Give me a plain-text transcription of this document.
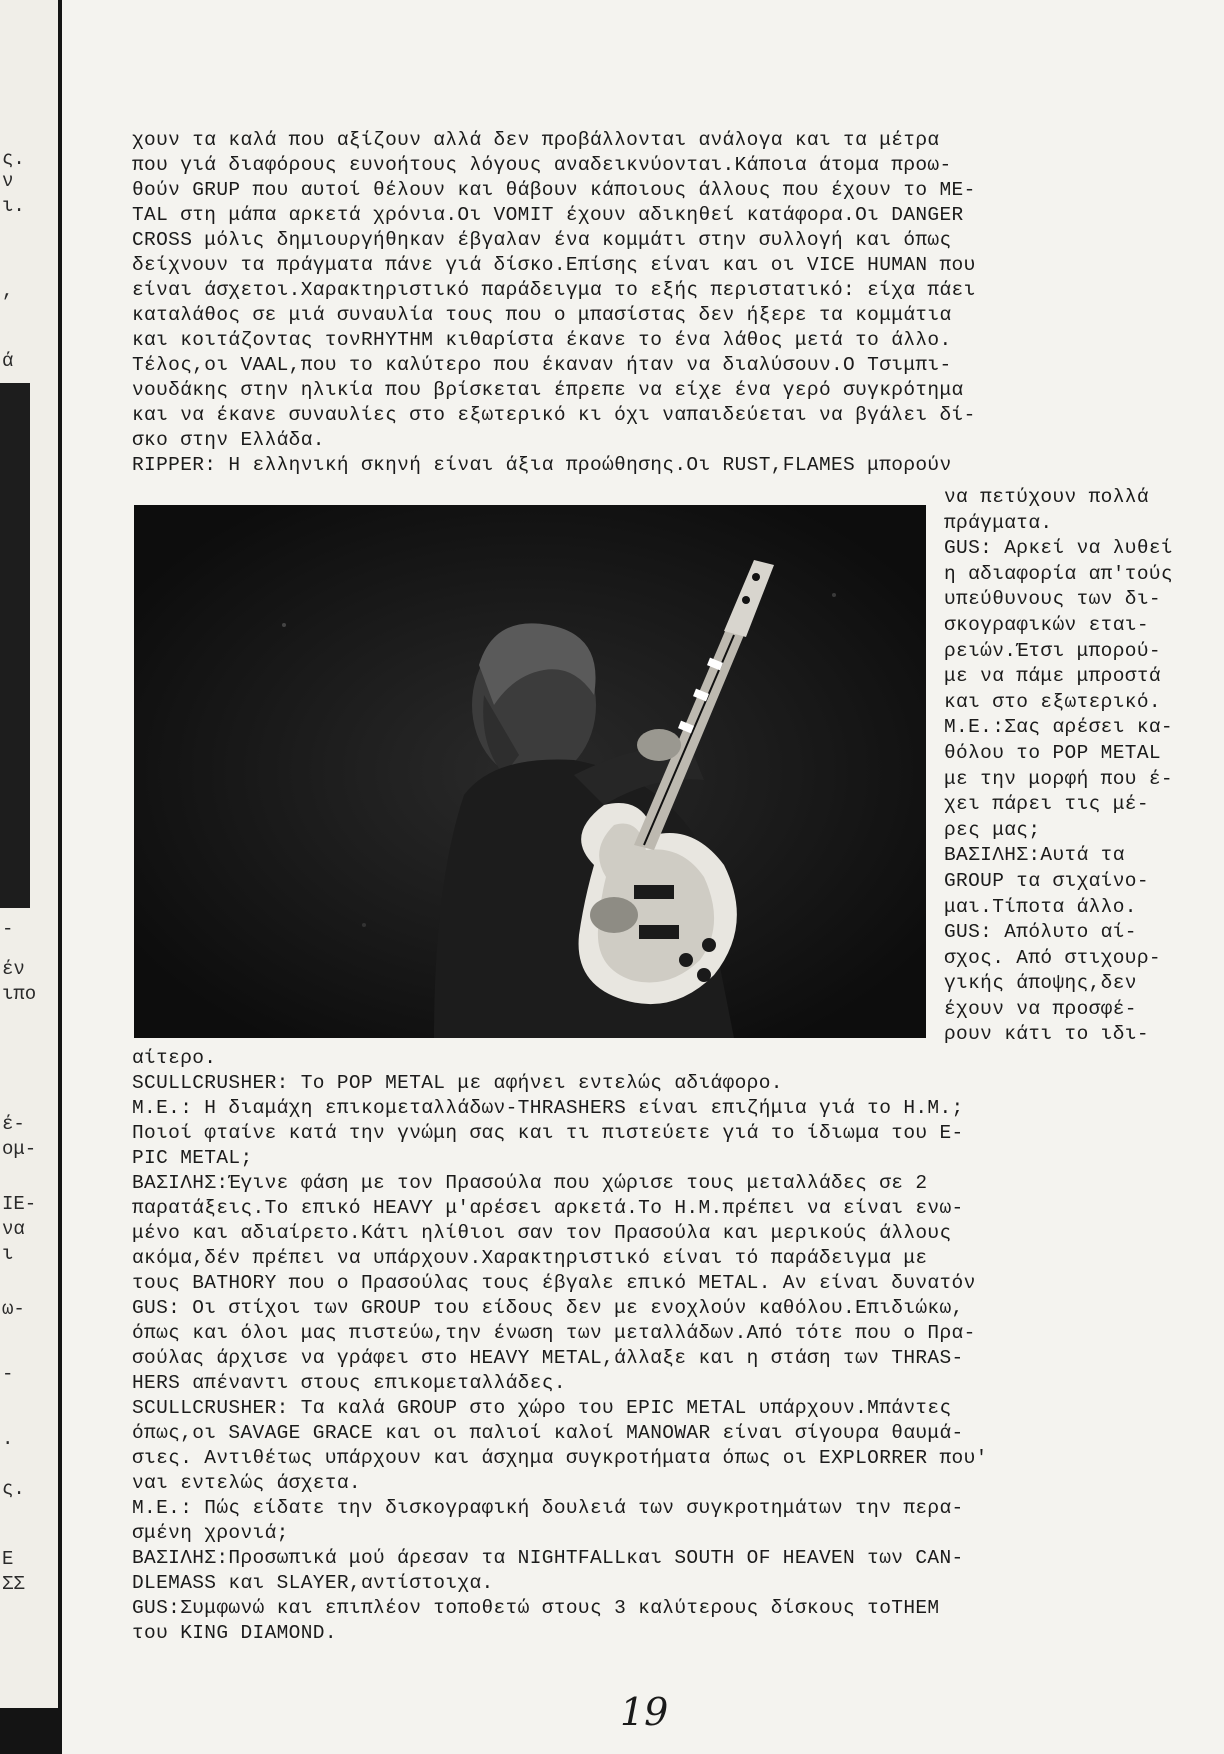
ς.
ν
ι.
,
ά
-
έν
ιπο
έ-
ομ-
ΙΕ-
να
ι
ω-
-
.
ς.
Ε
ΣΣ
χουν τα καλά που αξίζουν αλλά δεν προβάλλονται ανάλογα και τα μέτρα
που γιά διαφόρους ευνοήτους λόγους αναδεικνύονται.Κάποια άτομα προω-
θούν GRUP που αυτοί θέλουν και θάβουν κάποιους άλλους που έχουν το ME-
TAL στη μάπα αρκετά χρόνια.Οι VOMIT έχουν αδικηθεί κατάφορα.Οι DANGER
CROSS μόλις δημιουργήθηκαν έβγαλαν ένα κομμάτι στην συλλογή και όπως
δείχνουν τα πράγματα πάνε γιά δίσκο.Επίσης είναι και οι VICE HUMAN που
είναι άσχετοι.Χαρακτηριστικό παράδειγμα το εξής περιστατικό: είχα πάει
καταλάθος σε μιά συναυλία τους που ο μπασίστας δεν ήξερε τα κομμάτια
και κοιτάζοντας τονRHYTHM κιθαρίστα έκανε το ένα λάθος μετά το άλλο.
Τέλος,οι VAAL,που το καλύτερο που έκαναν ήταν να διαλύσουν.Ο Τσιμπι-
νουδάκης στην ηλικία που βρίσκεται έπρεπε να είχε ένα γερό συγκρότημα
και να έκανε συναυλίες στο εξωτερικό κι όχι ναπαιδεύεται να βγάλει δί-
σκο στην Ελλάδα.
RIPPER: Η ελληνική σκηνή είναι άξια προώθησης.Οι RUST,FLAMES μπορούν
να πετύχουν πολλά
πράγματα.
GUS: Αρκεί να λυθεί
η αδιαφορία απ'τούς
υπεύθυνους των δι-
σκογραφικών εται-
ρειών.Έτσι μπορού-
με να πάμε μπροστά
και στο εξωτερικό.
M.E.:Σας αρέσει κα-
θόλου το POP METAL
με την μορφή που έ-
χει πάρει τις μέ-
ρες μας;
ΒΑΣΙΛΗΣ:Αυτά τα
GROUP τα σιχαίνο-
μαι.Τίποτα άλλο.
GUS: Απόλυτο αί-
σχος. Από στιχουρ-
γικής άποψης,δεν
έχουν να προσφέ-
ρουν κάτι το ιδι-
αίτερο.
SCULLCRUSHER: Το POP METAL με αφήνει εντελώς αδιάφορο.
M.E.: Η διαμάχη επικομεταλλάδων-THRASHERS είναι επιζήμια γιά το H.M.;
Ποιοί φταίνε κατά την γνώμη σας και τι πιστεύετε γιά το ίδιωμα του E-
PIC METAL;
ΒΑΣΙΛΗΣ:Έγινε φάση με τον Πρασούλα που χώρισε τους μεταλλάδες σε 2
παρατάξεις.Το επικό HEAVY μ'αρέσει αρκετά.Το H.M.πρέπει να είναι ενω-
μένο και αδιαίρετο.Κάτι ηλίθιοι σαν τον Πρασούλα και μερικούς άλλους
ακόμα,δέν πρέπει να υπάρχουν.Χαρακτηριστικό είναι τό παράδειγμα με
τους BATHORY που ο Πρασούλας τους έβγαλε επικό METAL. Αν είναι δυνατόν
GUS: Οι στίχοι των GROUP του είδους δεν με ενοχλούν καθόλου.Επιδιώκω,
όπως και όλοι μας πιστεύω,την ένωση των μεταλλάδων.Από τότε που ο Πρα-
σούλας άρχισε να γράφει στο HEAVY METAL,άλλαξε και η στάση των THRAS-
HERS απέναντι στους επικομεταλλάδες.
SCULLCRUSHER: Τα καλά GROUP στο χώρο του EPIC METAL υπάρχουν.Μπάντες
όπως,οι SAVAGE GRACE και οι παλιοί καλοί MANOWAR είναι σίγουρα θαυμά-
σιες. Αντιθέτως υπάρχουν και άσχημα συγκροτήματα όπως οι EXPLORRER που'
ναι εντελώς άσχετα.
M.E.: Πώς είδατε την δισκογραφική δουλειά των συγκροτημάτων την περα-
σμένη χρονιά;
ΒΑΣΙΛΗΣ:Προσωπικά μού άρεσαν τα NIGHTFALLκαι SOUTH OF HEAVEN των CAN-
DLEMASS και SLAYER,αντίστοιχα.
GUS:Συμφωνώ και επιπλέον τοποθετώ στους 3 καλύτερους δίσκους τοTHEM
του KING DIAMOND.
19
